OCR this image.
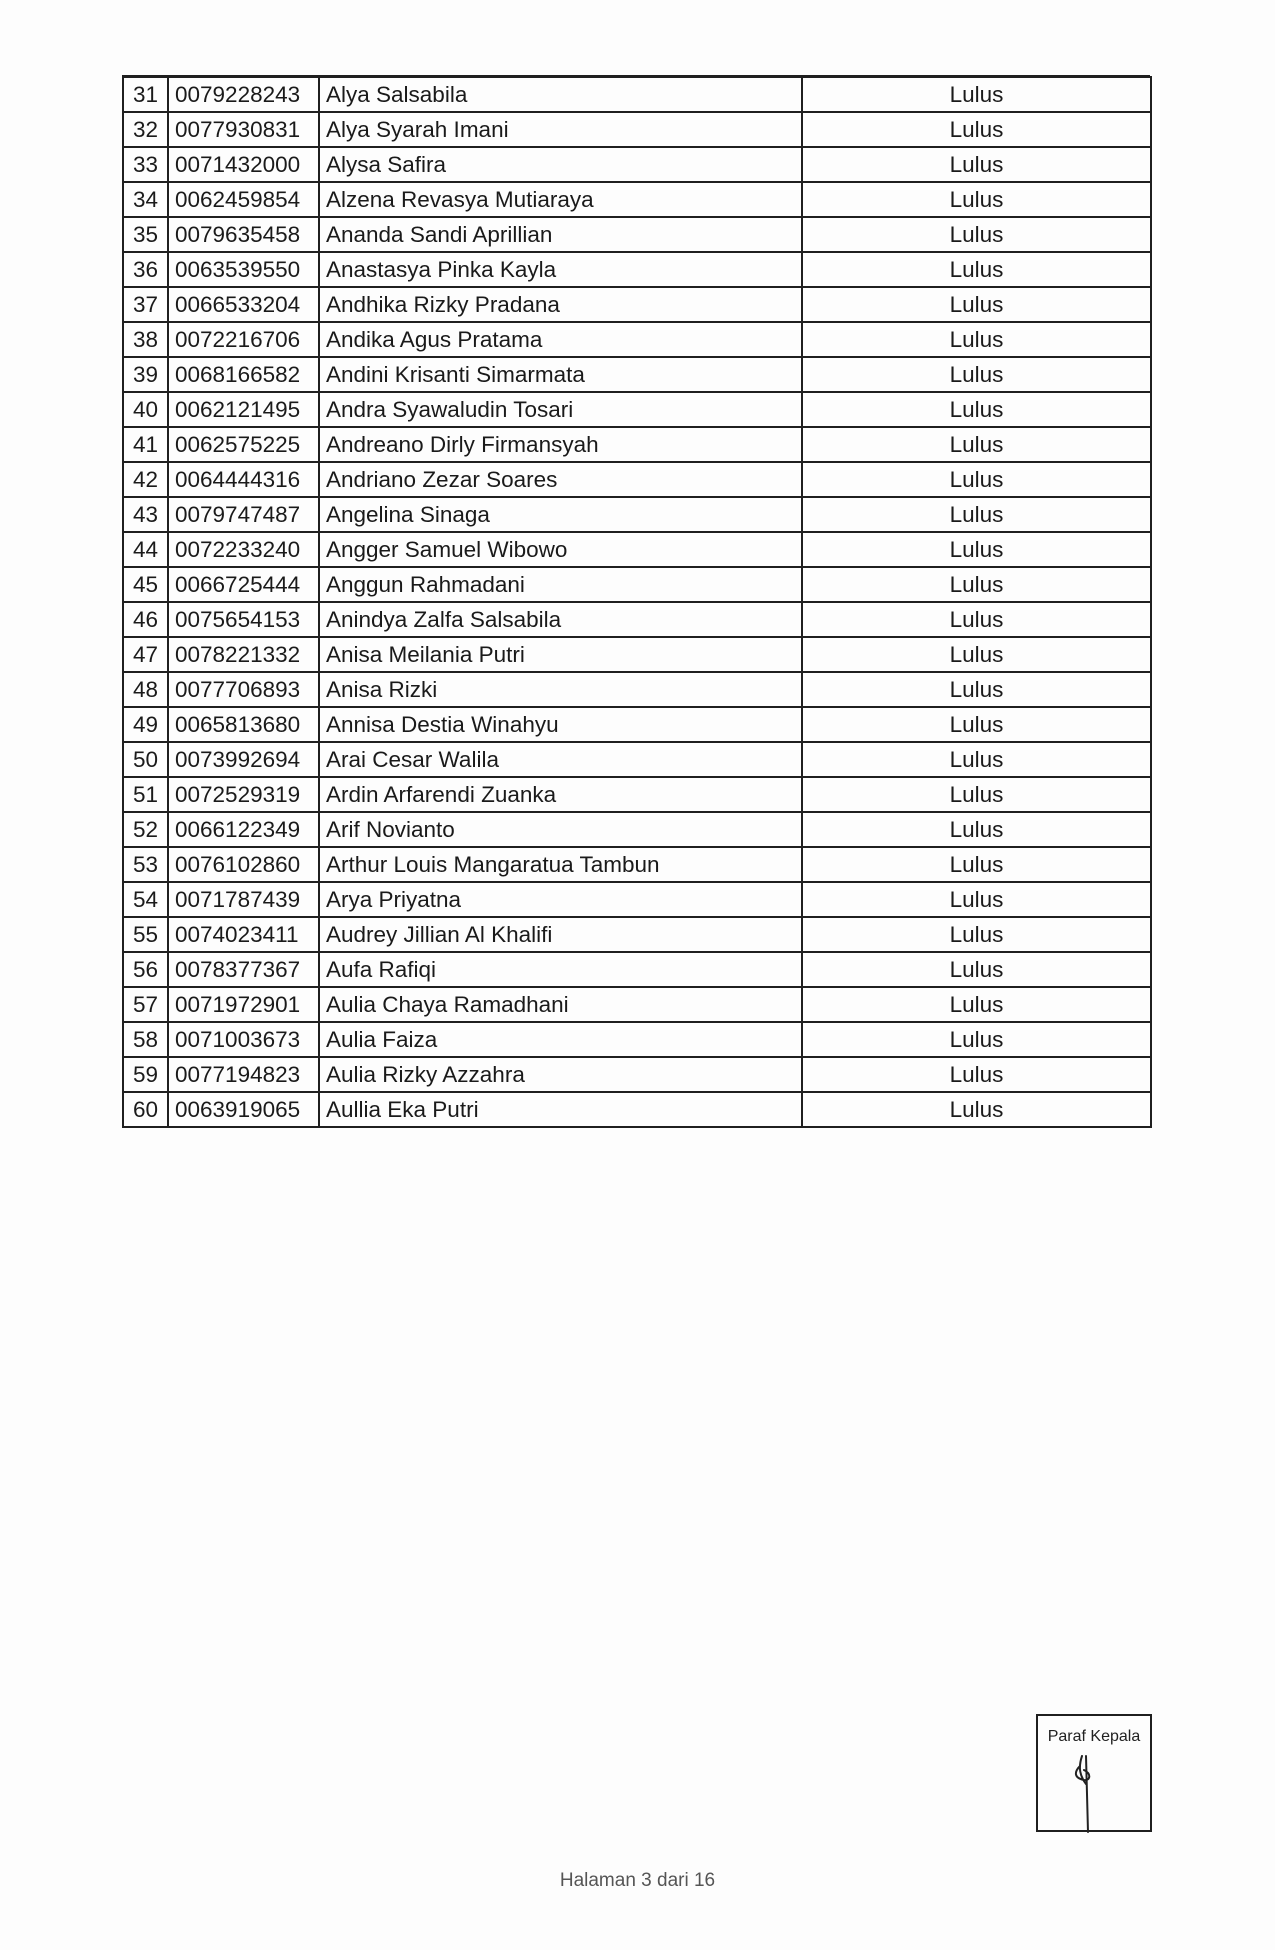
31	0079228243	Alya Salsabila	Lulus
32	0077930831	Alya Syarah Imani	Lulus
33	0071432000	Alysa Safira	Lulus
34	0062459854	Alzena Revasya Mutiaraya	Lulus
35	0079635458	Ananda Sandi Aprillian	Lulus
36	0063539550	Anastasya Pinka Kayla	Lulus
37	0066533204	Andhika Rizky Pradana	Lulus
38	0072216706	Andika Agus Pratama	Lulus
39	0068166582	Andini Krisanti Simarmata	Lulus
40	0062121495	Andra Syawaludin Tosari	Lulus
41	0062575225	Andreano Dirly Firmansyah	Lulus
42	0064444316	Andriano Zezar Soares	Lulus
43	0079747487	Angelina Sinaga	Lulus
44	0072233240	Angger Samuel Wibowo	Lulus
45	0066725444	Anggun Rahmadani	Lulus
46	0075654153	Anindya Zalfa Salsabila	Lulus
47	0078221332	Anisa Meilania Putri	Lulus
48	0077706893	Anisa Rizki	Lulus
49	0065813680	Annisa Destia Winahyu	Lulus
50	0073992694	Arai Cesar Walila	Lulus
51	0072529319	Ardin Arfarendi Zuanka	Lulus
52	0066122349	Arif Novianto	Lulus
53	0076102860	Arthur Louis Mangaratua Tambun	Lulus
54	0071787439	Arya Priyatna	Lulus
55	0074023411	Audrey Jillian Al Khalifi	Lulus
56	0078377367	Aufa Rafiqi	Lulus
57	0071972901	Aulia Chaya Ramadhani	Lulus
58	0071003673	Aulia Faiza	Lulus
59	0077194823	Aulia Rizky Azzahra	Lulus
60	0063919065	Aullia Eka Putri	Lulus
Paraf Kepala
Halaman 3 dari 16
